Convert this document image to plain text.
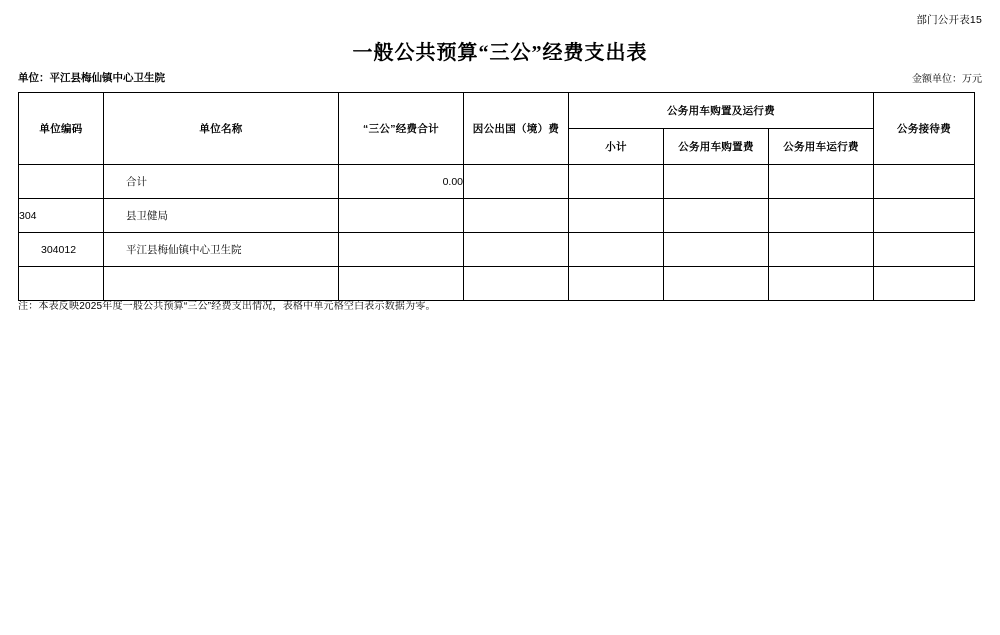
部门公开表15
一般公共预算“三公”经费支出表
单位：平江县梅仙镇中心卫生院	金额单位：万元
单位编码	单位名称	“三公”经费合计	因公出国（境）费	公务用车购置及运行费			公务接待费
				小计	公务用车购置费	公务用车运行费	
	合计	0.00					
304	县卫健局						
304012	平江县梅仙镇中心卫生院						

注：本表反映2025年度一般公共预算“三公”经费支出情况，表格中单元格空白表示数据为零。
